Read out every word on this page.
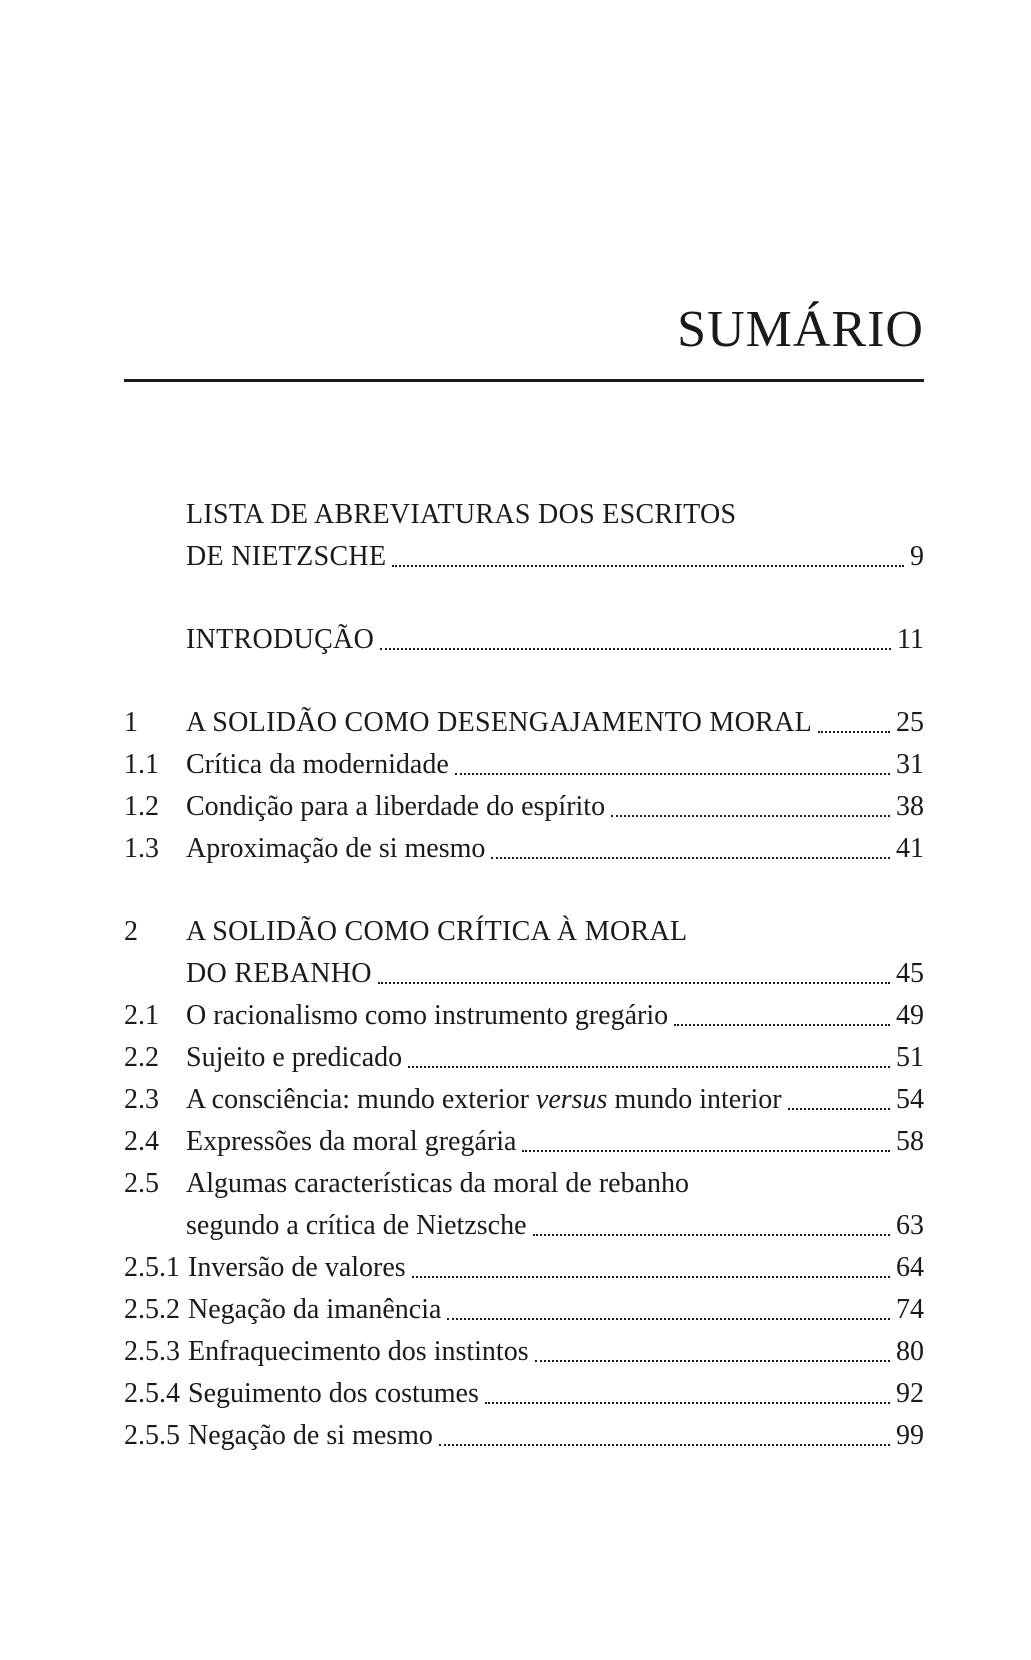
SUMÁRIO
LISTA DE ABREVIATURAS DOS ESCRITOS
DE NIETZSCHE	9
INTRODUÇÃO	11
1	A SOLIDÃO COMO DESENGAJAMENTO MORAL	25
1.1 Crítica da modernidade	31
1.2 Condição para a liberdade do espírito	38
1.3 Aproximação de si mesmo	41
2	A SOLIDÃO COMO CRÍTICA À MORAL
DO REBANHO	45
2.1 O racionalismo como instrumento gregário	49
2.2 Sujeito e predicado	51
2.3 A consciência: mundo exterior versus mundo interior	54
2.4 Expressões da moral gregária	58
2.5 Algumas características da moral de rebanho
segundo a crítica de Nietzsche	63
2.5.1 Inversão de valores	64
2.5.2 Negação da imanência	74
2.5.3 Enfraquecimento dos instintos	80
2.5.4 Seguimento dos costumes	92
2.5.5 Negação de si mesmo	99
